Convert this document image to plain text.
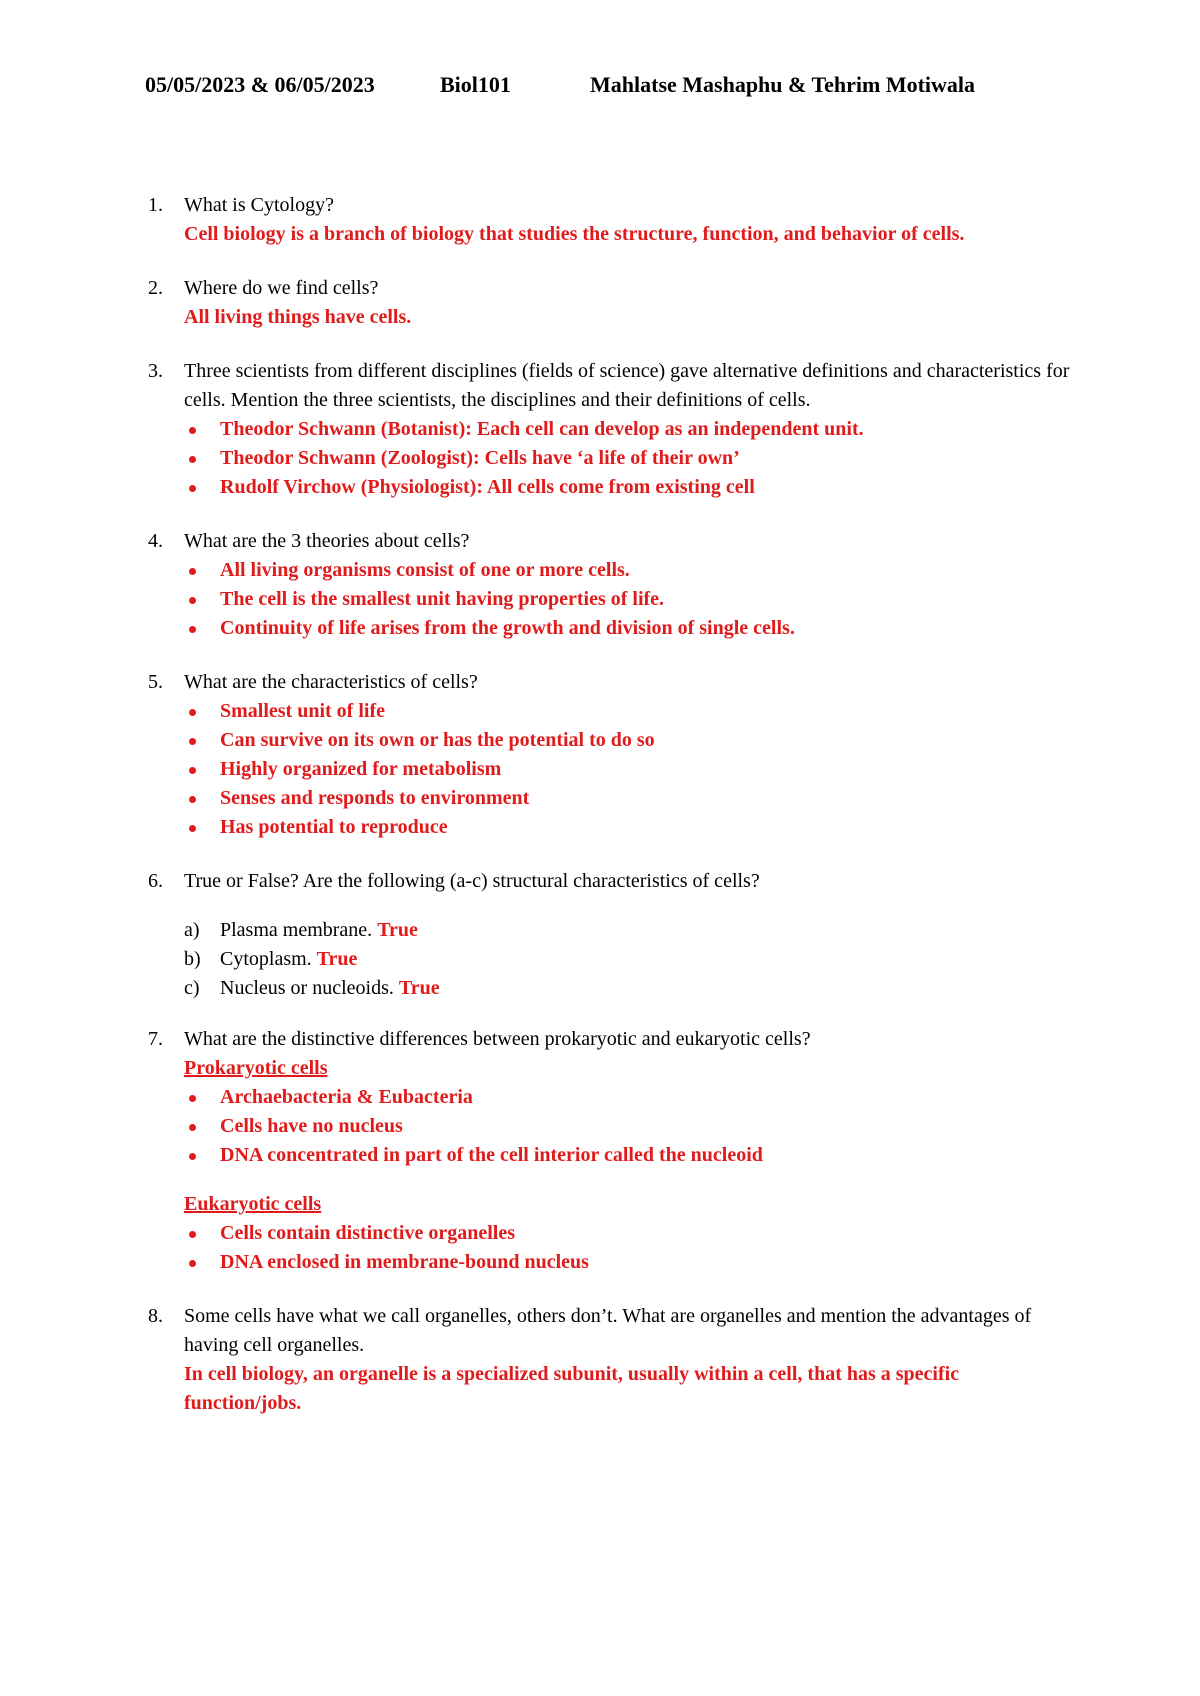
05/05/2023 & 06/05/2023	Biol101	Mahlatse Mashaphu & Tehrim Motiwala
1. What is Cytology?
Cell biology is a branch of biology that studies the structure, function, and behavior of cells.
2. Where do we find cells?
All living things have cells.
3. Three scientists from different disciplines (fields of science) gave alternative definitions and characteristics for cells. Mention the three scientists, the disciplines and their definitions of cells.
Theodor Schwann (Botanist): Each cell can develop as an independent unit.
Theodor Schwann (Zoologist): Cells have ‘a life of their own’
Rudolf Virchow (Physiologist): All cells come from existing cell
4. What are the 3 theories about cells?
All living organisms consist of one or more cells.
The cell is the smallest unit having properties of life.
Continuity of life arises from the growth and division of single cells.
5. What are the characteristics of cells?
Smallest unit of life
Can survive on its own or has the potential to do so
Highly organized for metabolism
Senses and responds to environment
Has potential to reproduce
6. True or False? Are the following (a-c) structural characteristics of cells?
a) Plasma membrane. True
b) Cytoplasm. True
c) Nucleus or nucleoids. True
7. What are the distinctive differences between prokaryotic and eukaryotic cells?
Prokaryotic cells
Archaebacteria & Eubacteria
Cells have no nucleus
DNA concentrated in part of the cell interior called the nucleoid
Eukaryotic cells
Cells contain distinctive organelles
DNA enclosed in membrane-bound nucleus
8. Some cells have what we call organelles, others don’t. What are organelles and mention the advantages of having cell organelles.
In cell biology, an organelle is a specialized subunit, usually within a cell, that has a specific function/jobs.
